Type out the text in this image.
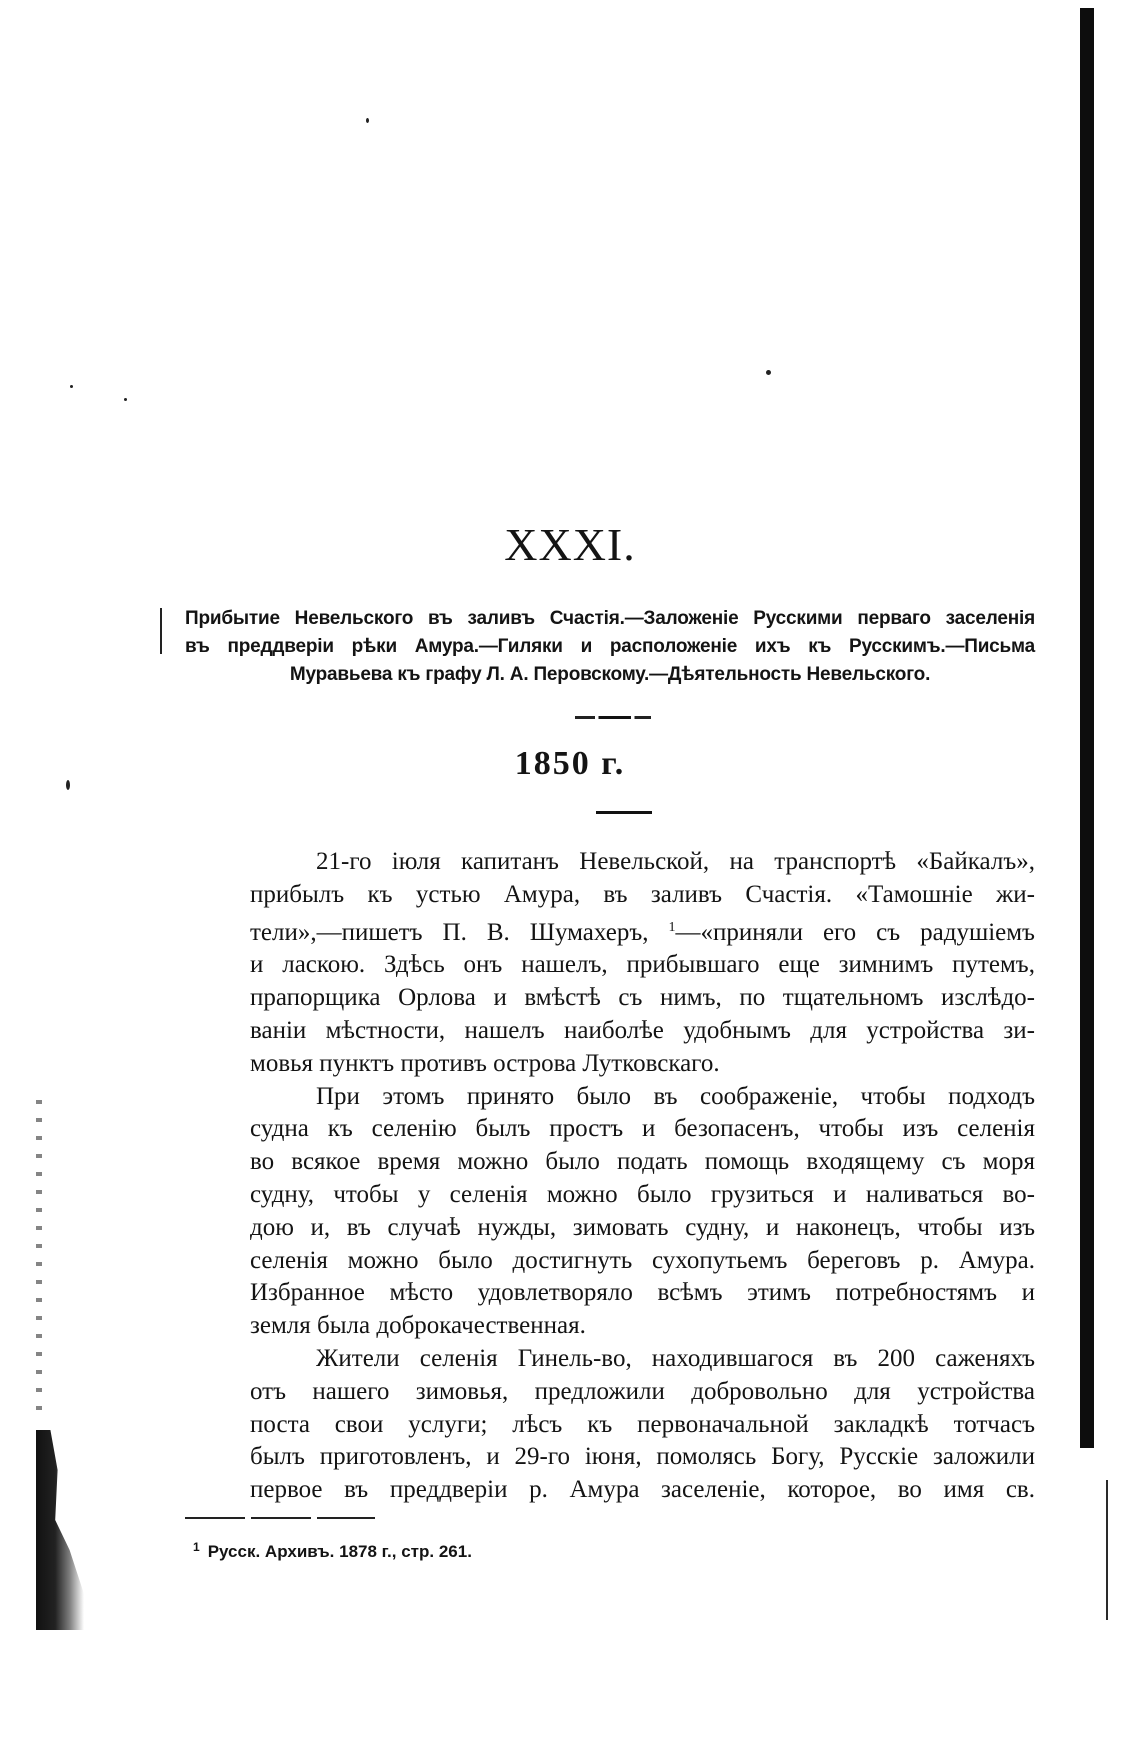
XXXI.
Прибытие Невельского въ заливъ Счастія.—Заложеніе Русскими перваго заселенія
въ преддверіи рѣки Амура.—Гиляки и расположеніе ихъ къ Русскимъ.—Письма
Муравьева къ графу Л. А. Перовскому.—Дѣятельность Невельского.
1850 г.

21-го іюля капитанъ Невельской, на транспортѣ «Байкалъ»,
прибылъ къ устью Амура, въ заливъ Счастія. «Тамошніе жи-
тели»,—пишетъ П. В. Шумахеръ, $^1$—«приняли его съ радушіемъ
и ласкою. Здѣсь онъ нашелъ, прибывшаго еще зимнимъ путемъ,
прапорщика Орлова и вмѣстѣ съ нимъ, по тщательномъ изслѣдо-
ваніи мѣстности, нашелъ наиболѣе удобнымъ для устройства зи-
мовья пунктъ противъ острова Лутковскаго.

При этомъ принято было въ соображеніе, чтобы подходъ
судна къ селенію былъ простъ и безопасенъ, чтобы изъ селенія
во всякое время можно было подать помощь входящему съ моря
судну, чтобы у селенія можно было грузиться и наливаться во-
дою и, въ случаѣ нужды, зимовать судну, и наконецъ, чтобы изъ
селенія можно было достигнуть сухопутьемъ береговъ р. Амура.
Избранное мѣсто удовлетворяло всѣмъ этимъ потребностямъ и
земля была доброкачественная.

Жители селенія Гинель-во, находившагося въ 200 саженяхъ
отъ нашего зимовья, предложили добровольно для устройства
поста свои услуги; лѣсъ къ первоначальной закладкѣ тотчасъ
былъ приготовленъ, и 29-го іюня, помолясь Богу, Русскіе заложили
первое въ преддверіи р. Амура заселеніе, которое, во имя св.

$^1$ Русск. Архивъ. 1878 г., стр. 261.
